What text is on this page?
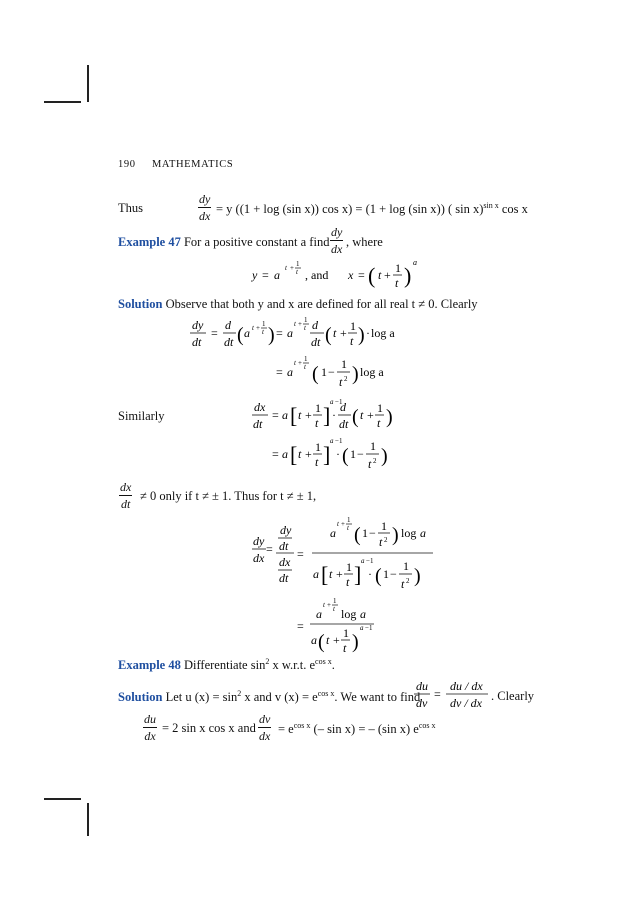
190 MATHEMATICS
Thus
dy
dx = y ((1 + log (sin x)) cos x) = (1 + log (sin x)) ( sin x)$^{sin x}$ cos x
Example 47 For a positive constant a find
dy
dx , where
y = a t + 1
t , and x = ( t + 1
t )
a
Solution Observe that both y and x are defined for all real t ≠ 0. Clearly
dy
dt
=
d
dt ( a t + 1
t ) = a
t + 1
t d
dt ( t + 1
t ) · log a
= a
t + 1
t ( 1 −
1
t 2 ) log a
Similarly
dx
dt
= a [ t + 1
t ]
a −1
·
d
dt ( t + 1
t )
= a [ t + 1
t ]
a −1
· ( 1 −
1
t 2 )
dx
dt
≠ 0 only if t ≠ ± 1. Thus for t ≠ ± 1,
dy
dx
=
dy
dt
dx
dt
=
a
t + 1
t ( 1 − 1
t 2 ) log a
a [ t + 1
t ]
a −1
· ( 1 −
1
t 2 )
=
a
t + 1
t log a
a ( t + 1
t )
a −1
Example 48 Differentiate $\sin^2 x$ w.r.t. $e^{cos x}$.
Solution Let u $(x) = \sin^2 x$ and v $(x) = e^{cos x}$. We want to find
du
dv
=
du / dx
dv / dx . Clearly
du
dx
= 2 sin x cos x and
dv
dx = $e^{cos x}$ (– sin x) = – (sin x) $e^{cos x}$
